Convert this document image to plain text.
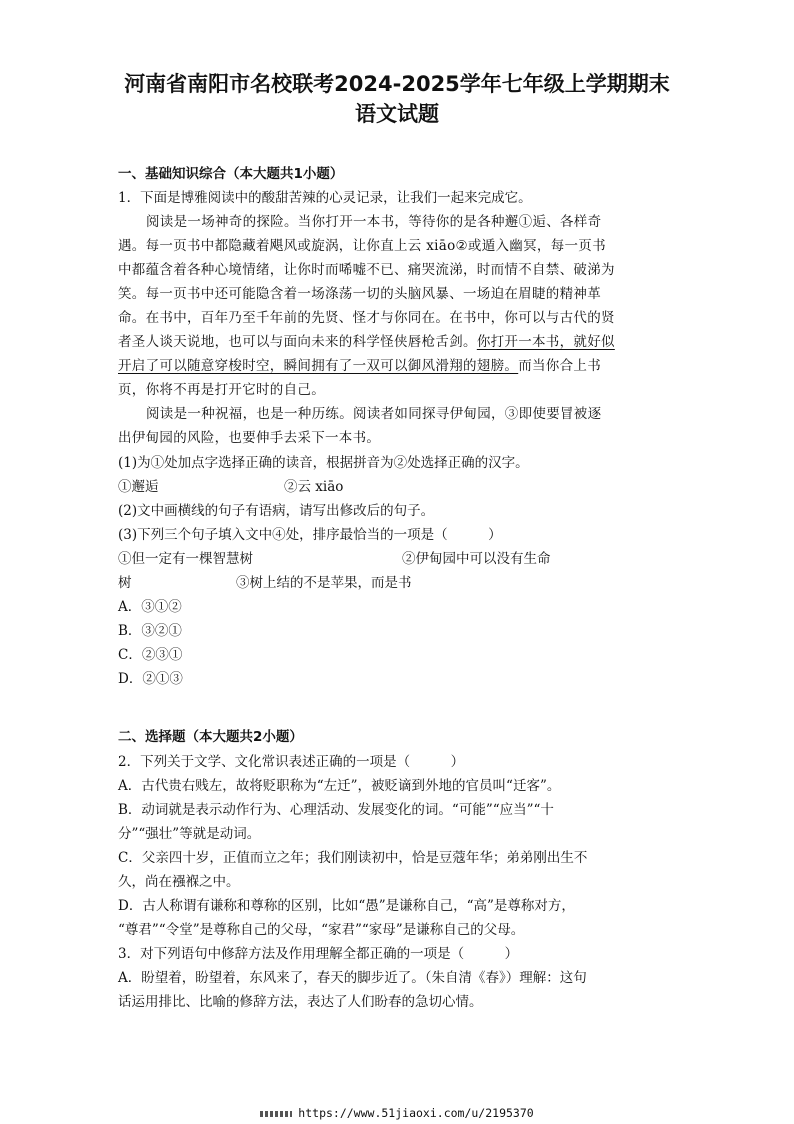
河南省南阳市名校联考2024-2025学年七年级上学期期末
语文试题
一、基础知识综合（本大题共1小题）
1．下面是博雅阅读中的酸甜苦辣的心灵记录，让我们一起来完成它。
阅读是一场神奇的探险。当你打开一本书，等待你的是各种邂①逅、各样奇
遇。每一页书中都隐藏着飓风或旋涡，让你直上云 xiāo②或遁入幽冥，每一页书
中都蕴含着各种心境情绪，让你时而唏嘘不已、痛哭流涕，时而情不自禁、破涕为
笑。每一页书中还可能隐含着一场涤荡一切的头脑风暴、一场迫在眉睫的精神革
命。在书中，百年乃至千年前的先贤、怪才与你同在。在书中，你可以与古代的贤
者圣人谈天说地，也可以与面向未来的科学怪侠唇枪舌剑。你打开一本书，就好似
开启了可以随意穿梭时空，瞬间拥有了一双可以御风滑翔的翅膀。而当你合上书
页，你将不再是打开它时的自己。
阅读是一种祝福，也是一种历练。阅读者如同探寻伊甸园，③即使要冒被逐
出伊甸园的风险，也要伸手去采下一本书。
(1)为①处加点字选择正确的读音，根据拼音为②处选择正确的汉字。
①邂逅	②云 xiāo
(2)文中画横线的句子有语病，请写出修改后的句子。
(3)下列三个句子填入文中④处，排序最恰当的一项是（　　　）
①但一定有一棵智慧树	②伊甸园中可以没有生命
树	③树上结的不是苹果，而是书
A．③①②
B．③②①
C．②③①
D．②①③
二、选择题（本大题共2小题）
2．下列关于文学、文化常识表述正确的一项是（　　　）
A．古代贵右贱左，故将贬职称为“左迁”，被贬谪到外地的官员叫“迁客”。
B．动词就是表示动作行为、心理活动、发展变化的词。“可能”“应当”“十
分”“强壮”等就是动词。
C．父亲四十岁，正值而立之年；我们刚读初中，恰是豆蔻年华；弟弟刚出生不
久，尚在襁褓之中。
D．古人称谓有谦称和尊称的区别，比如“愚”是谦称自己，“高”是尊称对方，
“尊君”“令堂”是尊称自己的父母，“家君”“家母”是谦称自己的父母。
3．对下列语句中修辞方法及作用理解全都正确的一项是（　　　）
A．盼望着，盼望着，东风来了，春天的脚步近了。（朱自清《春》）理解：这句
话运用排比、比喻的修辞方法，表达了人们盼春的急切心情。
https://www.51jiaoxi.com/u/2195370
